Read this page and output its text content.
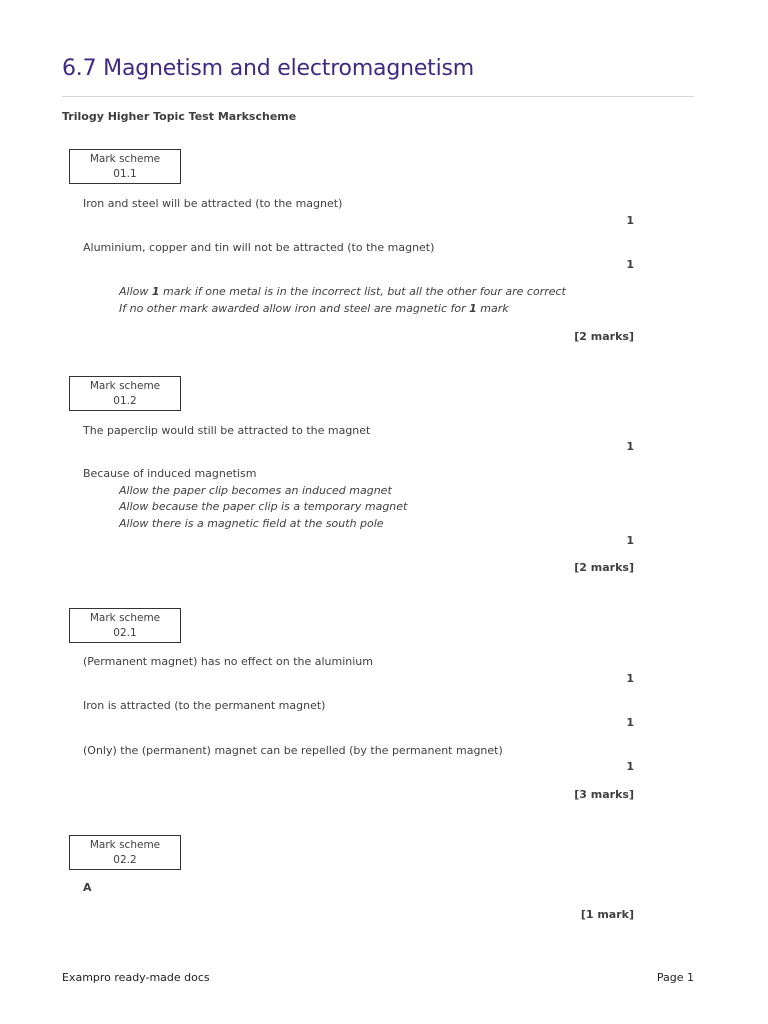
6.7 Magnetism and electromagnetism
Trilogy Higher Topic Test Markscheme
Mark scheme
01.1
Iron and steel will be attracted (to the magnet)
1
Aluminium, copper and tin will not be attracted (to the magnet)
1
Allow 1 mark if one metal is in the incorrect list, but all the other four are correct
If no other mark awarded allow iron and steel are magnetic for 1 mark
[2 marks]
Mark scheme
01.2
The paperclip would still be attracted to the magnet
1
Because of induced magnetism
Allow the paper clip becomes an induced magnet
Allow because the paper clip is a temporary magnet
Allow there is a magnetic field at the south pole
1
[2 marks]
Mark scheme
02.1
(Permanent magnet) has no effect on the aluminium
1
Iron is attracted (to the permanent magnet)
1
(Only) the (permanent) magnet can be repelled (by the permanent magnet)
1
[3 marks]
Mark scheme
02.2
A
[1 mark]
Exampro ready-made docs	Page 1
